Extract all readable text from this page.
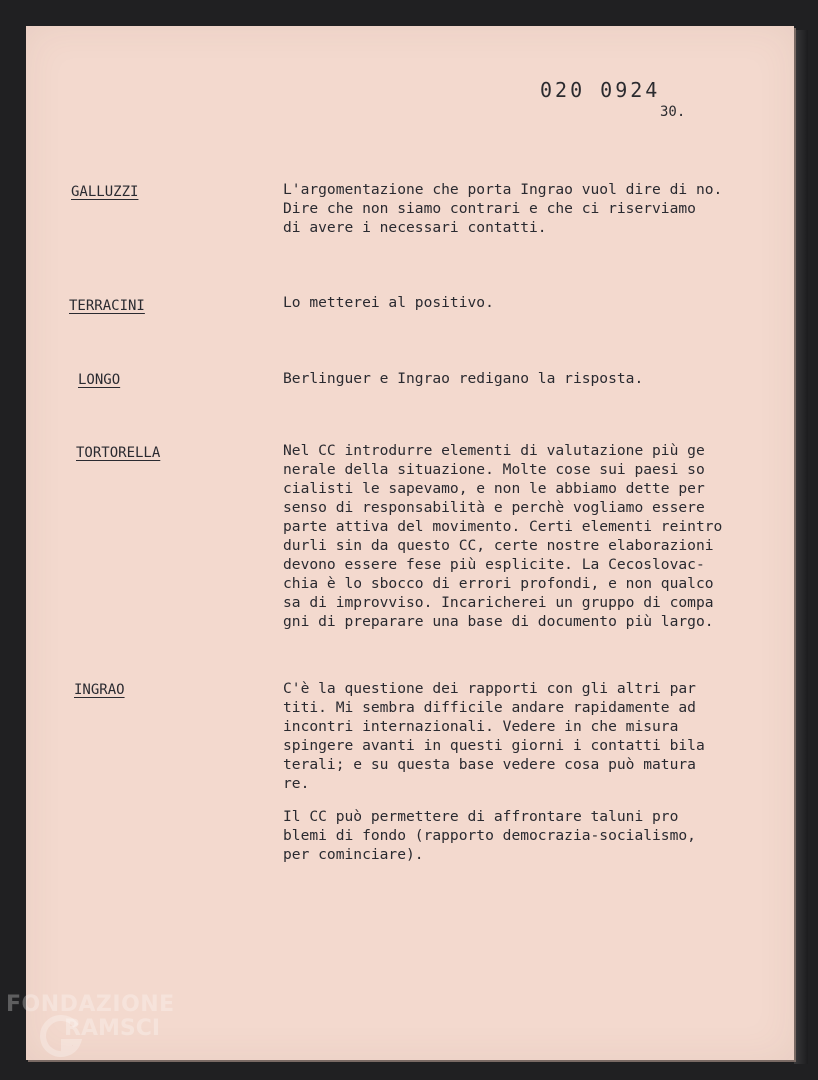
020 0924
30.
GALLUZZI	L'argomentazione che porta Ingrao vuol dire di no.
Dire che non siamo contrari e che ci riserviamo
di avere i necessari contatti.
TERRACINI	Lo metterei al positivo.
LONGO	Berlinguer e Ingrao redigano la risposta.
TORTORELLA	Nel CC introdurre elementi di valutazione più ge
nerale della situazione. Molte cose sui paesi so
cialisti le sapevamo, e non le abbiamo dette per
senso di responsabilità e perchè vogliamo essere
parte attiva del movimento. Certi elementi reintro
durli sin da questo CC, certe nostre elaborazioni
devono essere fese più esplicite. La Cecoslovac-
chia è lo sbocco di errori profondi, e non qualco
sa di improvviso. Incaricherei un gruppo di compa
gni di preparare una base di documento più largo.
INGRAO	C'è la questione dei rapporti con gli altri par
titi. Mi sembra difficile andare rapidamente ad
incontri internazionali. Vedere in che misura
spingere avanti in questi giorni i contatti bila
terali; e su questa base vedere cosa può matura
re.
Il CC può permettere di affrontare taluni pro
blemi di fondo (rapporto democrazia-socialismo,
per cominciare).
FONDAZIONE
RAMSCI
